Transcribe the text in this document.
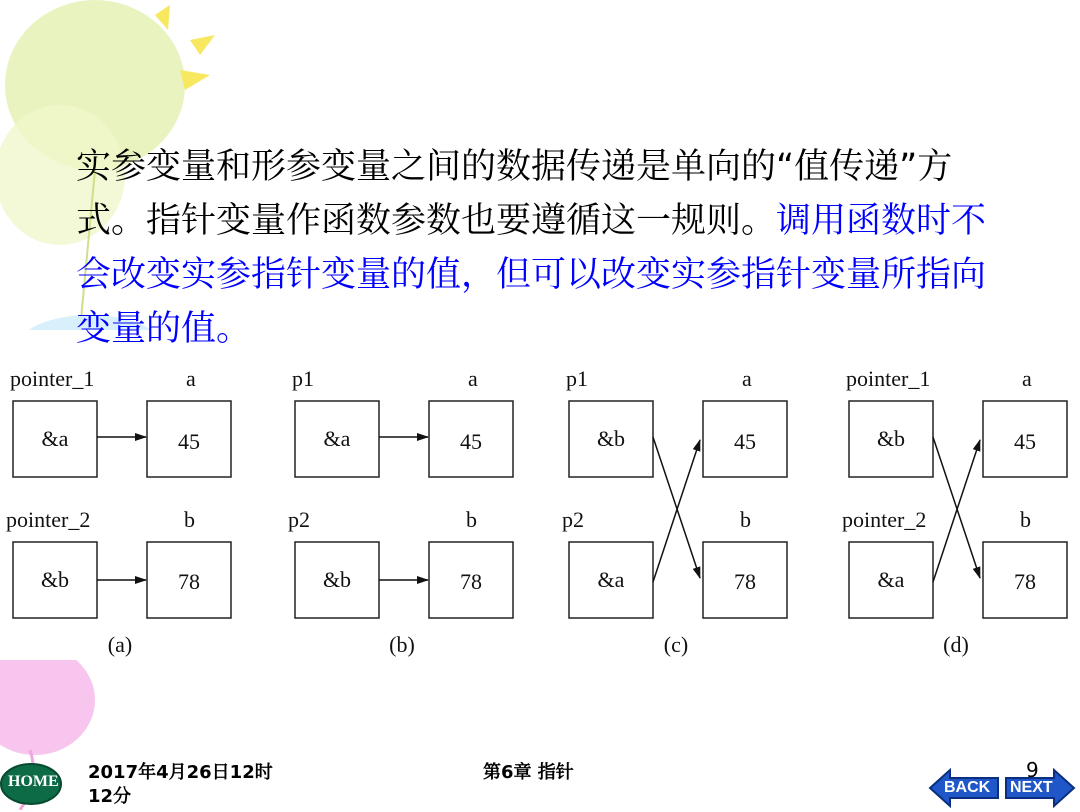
实参变量和形参变量之间的数据传递是单向的“值传递”方式。指针变量作函数参数也要遵循这一规则。调用函数时不会改变实参指针变量的值，但可以改变实参指针变量所指向变量的值。
pointer_1	a
pointer_2	b
&a	45
&b	78
(a)
p1	a
p2	b
&a	45
&b	78
(b)
p1	a
p2	b
&b	45
&a	78
(c)
pointer_1	a
pointer_2	b
&b	45
&a	78
(d)
2017年4月26日12时
12分
第6章 指针	9
HOME	BACK NEXT
